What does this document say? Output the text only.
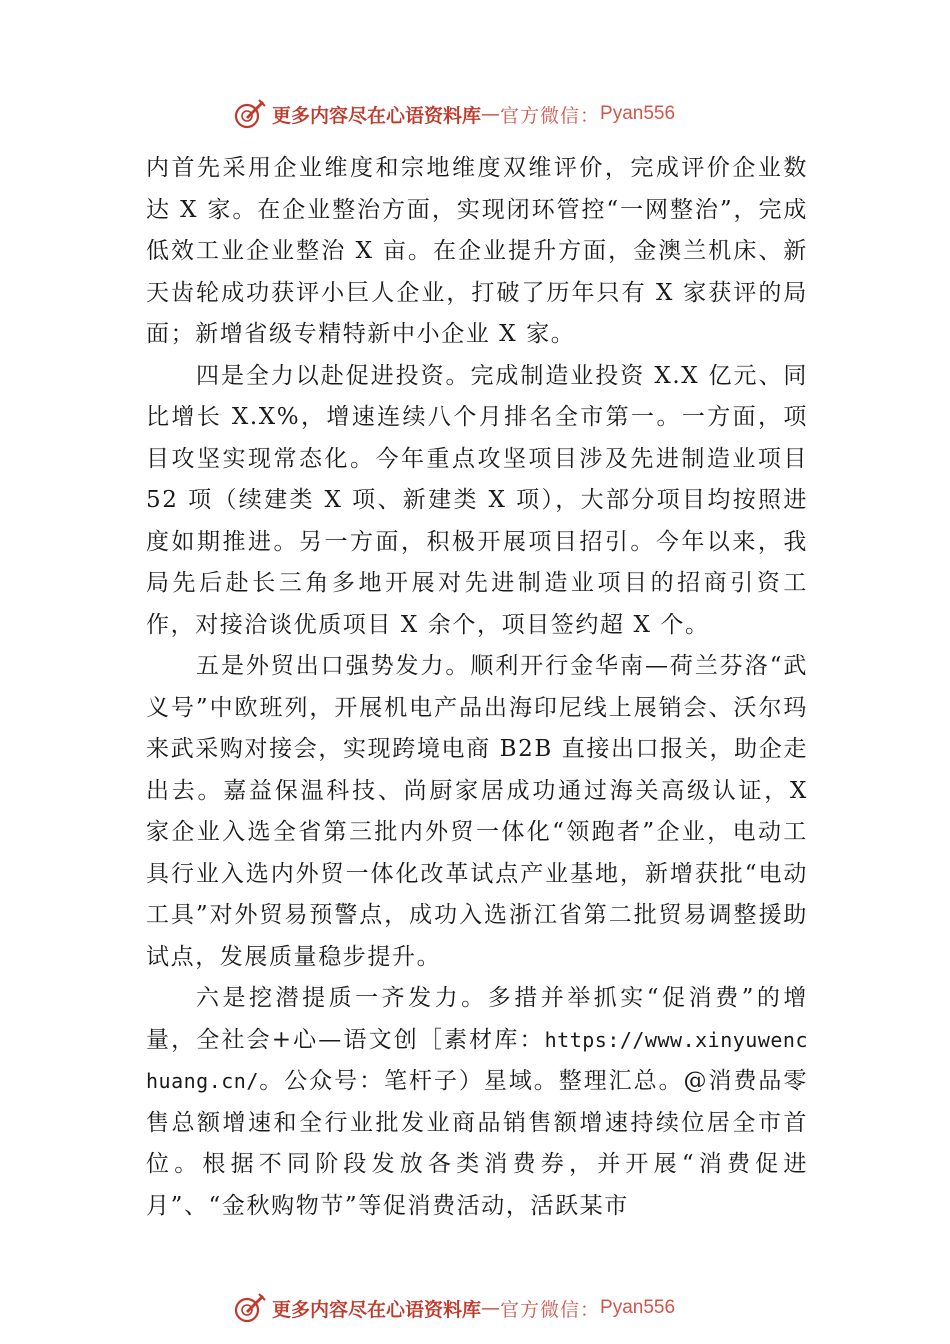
更多内容尽在心语资料库 — 官方微信： Pyan556

内首先采用企业维度和宗地维度双维评价，完成评价企业数达 X 家。在企业整治方面，实现闭环管控“一网整治”，完成低效工业企业整治 X 亩。在企业提升方面，金澳兰机床、新天齿轮成功获评小巨人企业，打破了历年只有 X 家获评的局面；新增省级专精特新中小企业 X 家。

四是全力以赴促进投资。完成制造业投资 X.X 亿元、同比增长 X.X%，增速连续八个月排名全市第一。一方面，项目攻坚实现常态化。今年重点攻坚项目涉及先进制造业项目 52 项（续建类 X 项、新建类 X 项），大部分项目均按照进度如期推进。另一方面，积极开展项目招引。今年以来，我局先后赴长三角多地开展对先进制造业项目的招商引资工作，对接洽谈优质项目 X 余个，项目签约超 X 个。

五是外贸出口强势发力。顺利开行金华南—荷兰芬洛“武义号”中欧班列，开展机电产品出海印尼线上展销会、沃尔玛 来武采购对接会，实现跨境电商 B2B 直接出口报关，助企走出去。嘉益保温科技、尚厨家居成功通过海关高级认证，X 家企业入选全省第三批内外贸一体化“领跑者”企业，电动工具行业入选内外贸一体化改革试点产业基地，新增获批“电动工具”对外贸易预警点，成功入选浙江省第二批贸易调整援助试点，发展质量稳步提升。

六是挖潜提质一齐发力。多措并举抓实“促消费”的增量，全社会+心—语文创［素材库：https://www.xinyuwenchuang.cn/。公众号：笔杆子）星域。整理汇总。@消费品零售总额增速和全行业批发业商品销售额增速持续位居全市首位。根据不同阶段发放各类消费券，并开展“消费促进月”、“金秋购物节”等促消费活动，活跃某市

更多内容尽在心语资料库 — 官方微信： Pyan556
